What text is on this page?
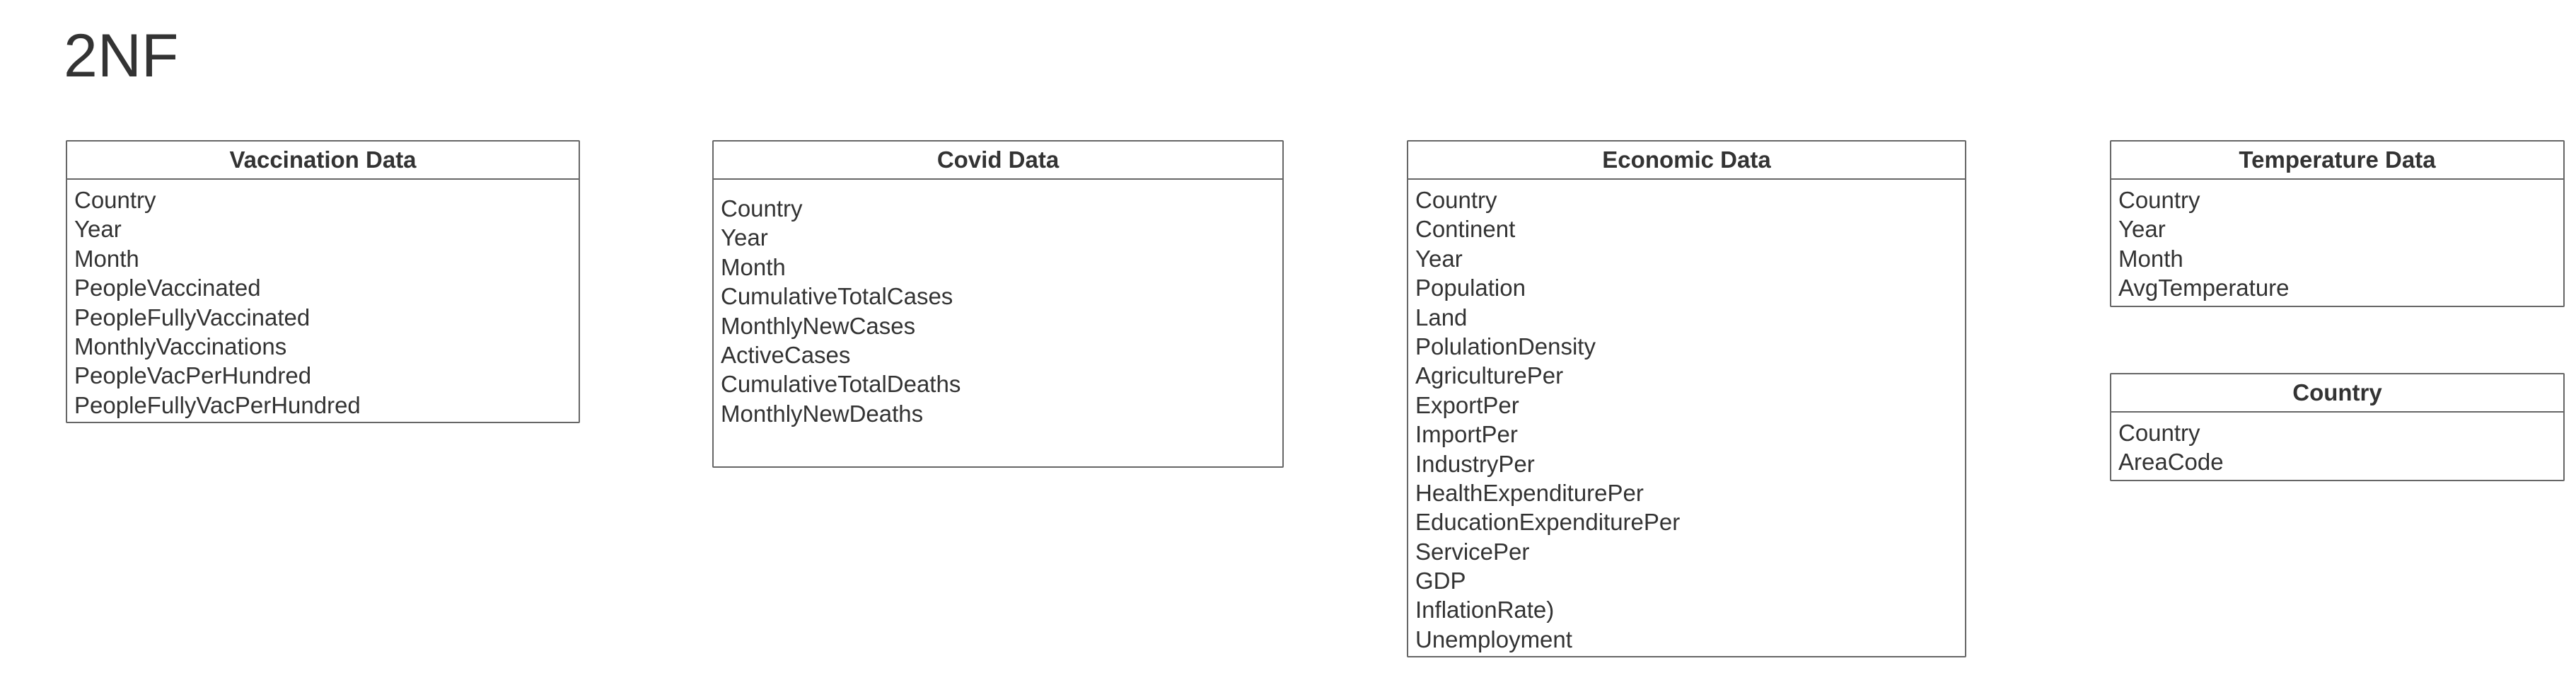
2NF
Vaccination Data
Country
Year
Month
PeopleVaccinated
PeopleFullyVaccinated
MonthlyVaccinations
PeopleVacPerHundred
PeopleFullyVacPerHundred
Covid Data
Country
Year
Month
CumulativeTotalCases
MonthlyNewCases
ActiveCases
CumulativeTotalDeaths
MonthlyNewDeaths
Economic Data
Country
Continent
Year
Population
Land
PolulationDensity
AgriculturePer
ExportPer
ImportPer
IndustryPer
HealthExpenditurePer
EducationExpenditurePer
ServicePer
GDP
InflationRate)
Unemployment
Temperature Data
Country
Year
Month
AvgTemperature
Country
Country
AreaCode
